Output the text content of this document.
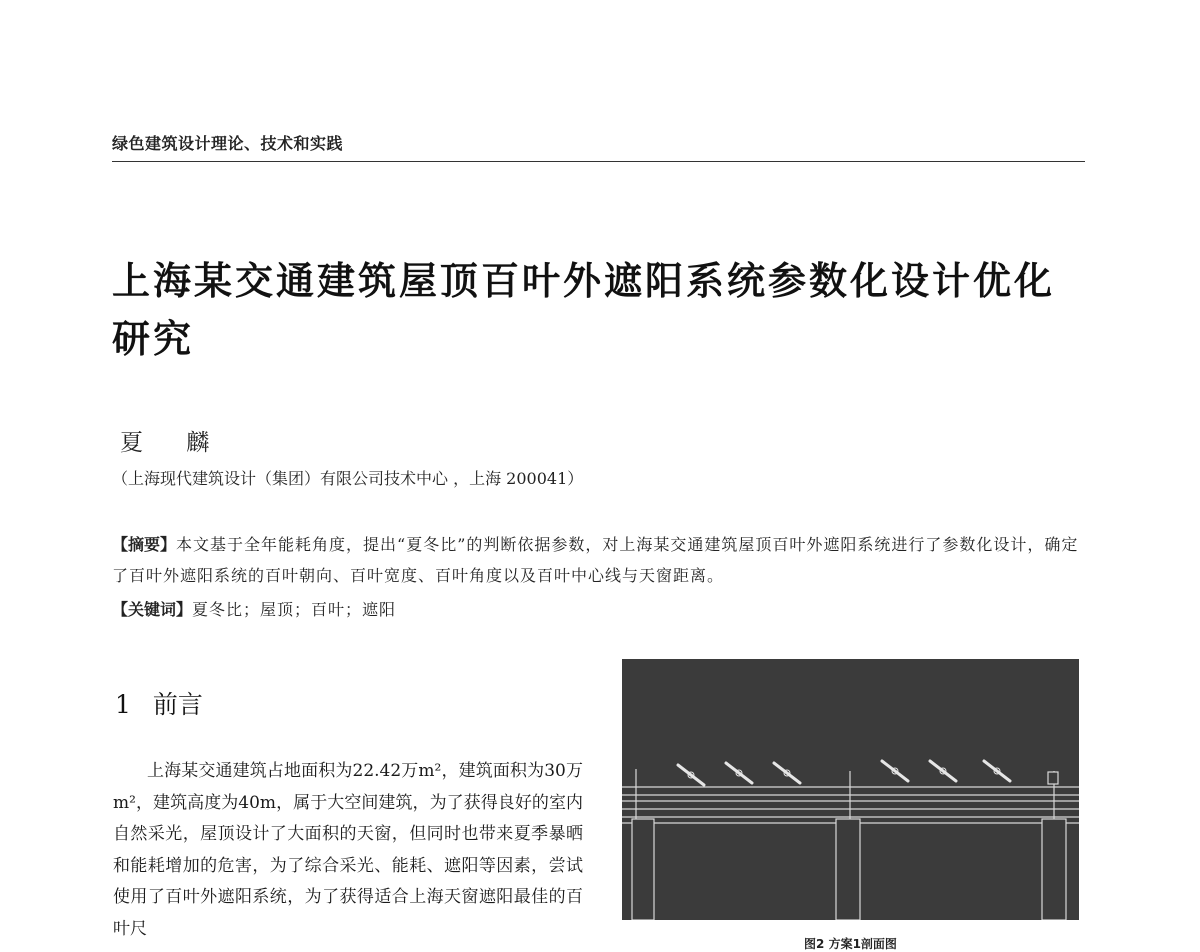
绿色建筑设计理论、技术和实践
上海某交通建筑屋顶百叶外遮阳系统参数化设计优化研究
夏 麟
（上海现代建筑设计（集团）有限公司技术中心 ，上海 200041）

【摘要】本文基于全年能耗角度，提出“夏冬比”的判断依据参数，对上海某交通建筑屋顶百叶外遮阳系统进行了参数化设计，确定了百叶外遮阳系统的百叶朝向、百叶宽度、百叶角度以及百叶中心线与天窗距离。

【关键词】夏冬比；屋顶；百叶；遮阳
1 前言

上海某交通建筑占地面积为22.42万m²，建筑面积为30万m²，建筑高度为40m，属于大空间建筑，为了获得良好的室内自然采光，屋顶设计了大面积的天窗，但同时也带来夏季暴晒和能耗增加的危害，为了综合采光、能耗、遮阳等因素，尝试使用了百叶外遮阳系统，为了获得适合上海天窗遮阳最佳的百叶尺

图2 方案1剖面图
